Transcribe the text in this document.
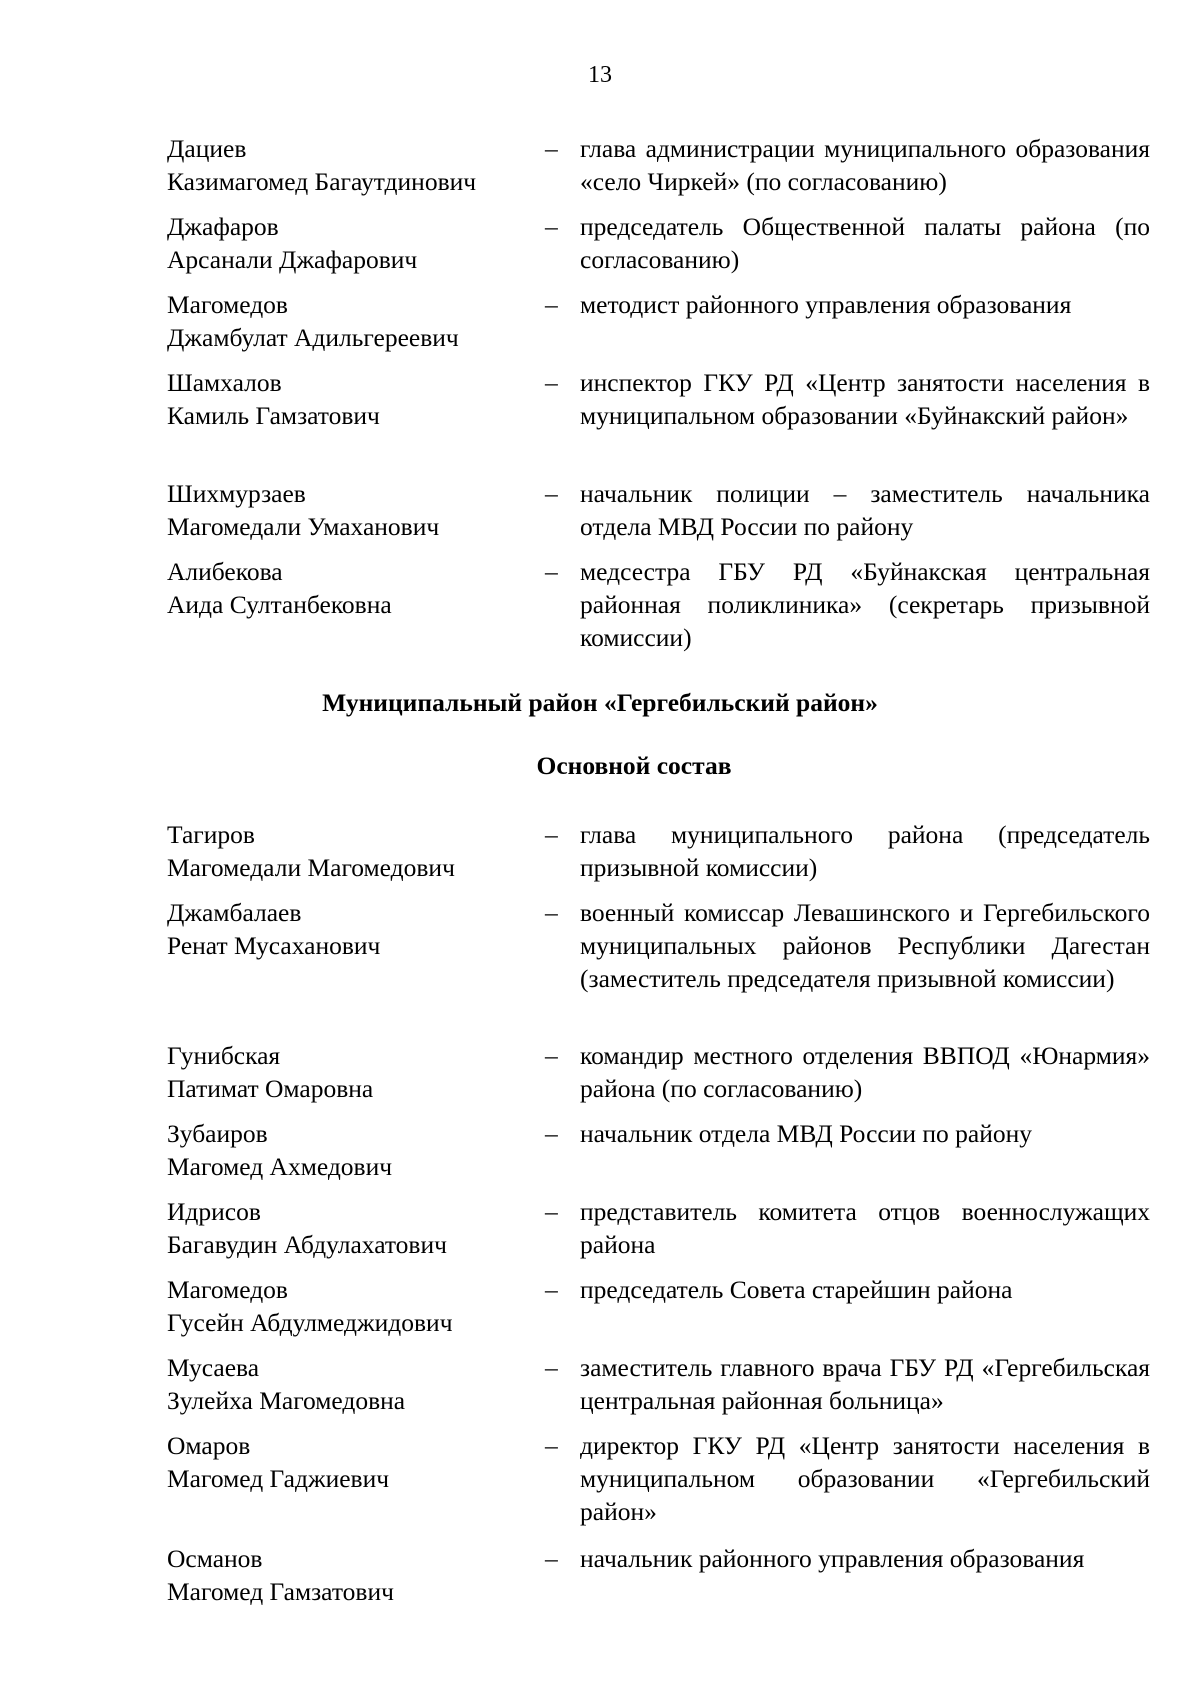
13
Дациев
Казимагомед Багаутдинович
– глава администрации муниципального образования «село Чиркей» (по согласованию)
Джафаров
Арсанали Джафарович
– председатель Общественной палаты района (по согласованию)
Магомедов
Джамбулат Адильгереевич
– методист районного управления образования
Шамхалов
Камиль Гамзатович
– инспектор ГКУ РД «Центр занятости населения в муниципальном образовании «Буйнакский район»
Шихмурзаев
Магомедали Умаханович
– начальник полиции – заместитель начальника отдела МВД России по району
Алибекова
Аида Султанбековна
– медсестра ГБУ РД «Буйнакская центральная районная поликлиника» (секретарь призывной комиссии)
Муниципальный район «Гергебильский район»
Основной состав
Тагиров
Магомедали Магомедович
– глава муниципального района (председатель призывной комиссии)
Джамбалаев
Ренат Мусаханович
– военный комиссар Левашинского и Гергебильского муниципальных районов Республики Дагестан (заместитель председателя призывной комиссии)
Гунибская
Патимат Омаровна
– командир местного отделения ВВПОД «Юнармия» района (по согласованию)
Зубаиров
Магомед Ахмедович
– начальник отдела МВД России по району
Идрисов
Багавудин Абдулахатович
– представитель комитета отцов военнослужащих района
Магомедов
Гусейн Абдулмеджидович
– председатель Совета старейшин района
Мусаева
Зулейха Магомедовна
– заместитель главного врача ГБУ РД «Гергебильская центральная районная больница»
Омаров
Магомед Гаджиевич
– директор ГКУ РД «Центр занятости населения в муниципальном образовании «Гергебильский район»
Османов
Магомед Гамзатович
– начальник районного управления образования
